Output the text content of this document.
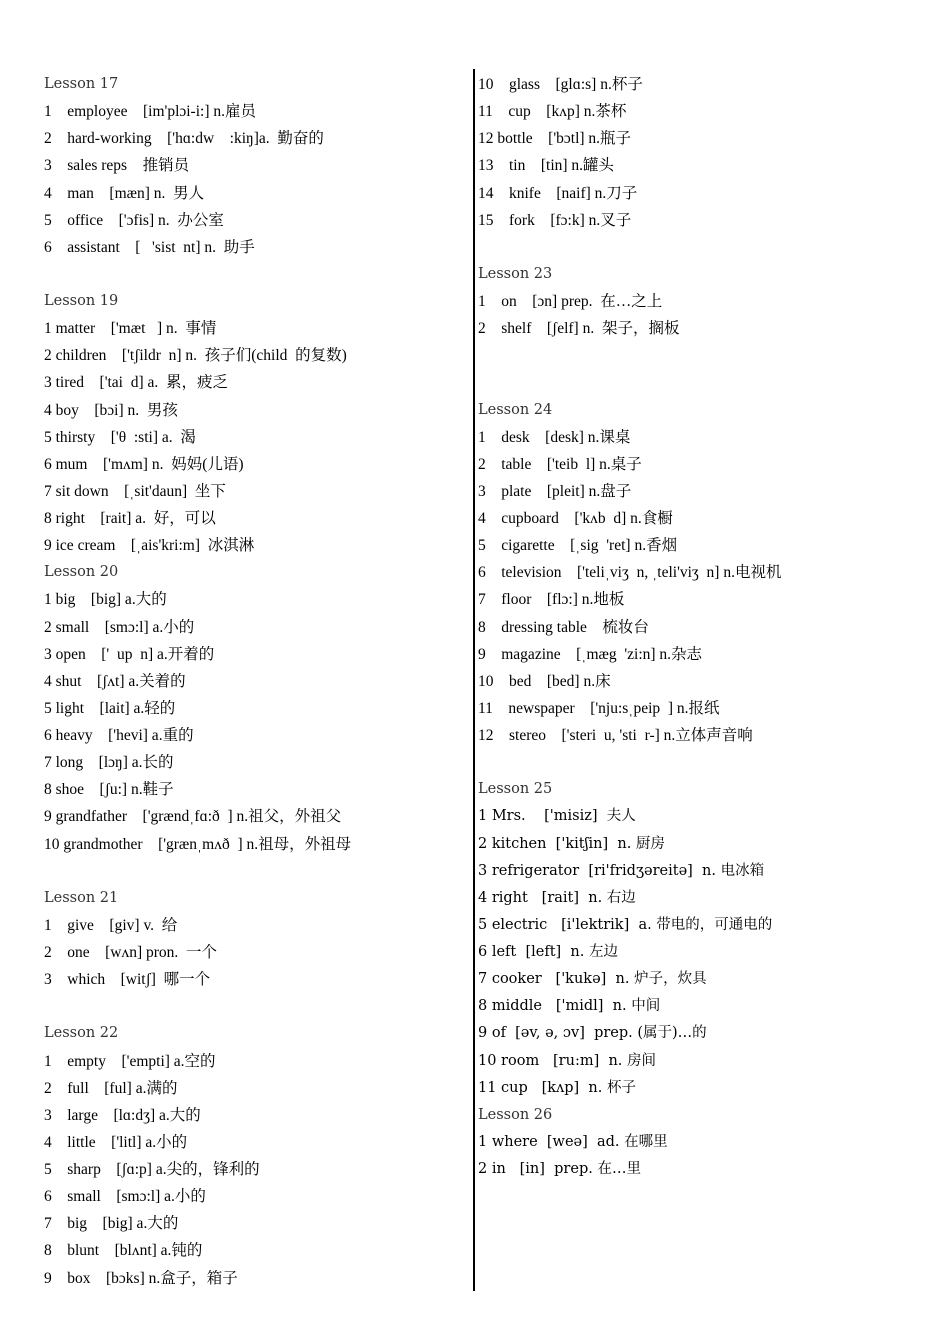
Lesson 17
1    employee    [im'plɔi-i:] n.雇员
2    hard-working    ['hɑ:dw    :kiŋ]a.  勤奋的
3    sales reps    推销员
4    man    [mæn] n.  男人
5    office    ['ɔfis] n.  办公室
6    assistant    [   'sist  nt] n.  助手
Lesson 19
1 matter    ['mæt   ] n.  事情
2 children    ['tʃildr  n] n.  孩子们(child  的复数)
3 tired    ['tai  d] a.  累，疲乏
4 boy    [bɔi] n.  男孩
5 thirsty    ['θ  :sti] a.  渴
6 mum    ['mʌm] n.  妈妈(儿语)
7 sit down    [ˌsit'daun]  坐下
8 right    [rait] a.  好，可以
9 ice cream    [ˌais'kri:m]  冰淇淋
Lesson 20
1 big    [big] a.大的
2 small    [smɔ:l] a.小的
3 open    ['  up  n] a.开着的
4 shut    [ʃʌt] a.关着的
5 light    [lait] a.轻的
6 heavy    ['hevi] a.重的
7 long    [lɔŋ] a.长的
8 shoe    [ʃu:] n.鞋子
9 grandfather    ['grændˌfɑ:ð  ] n.祖父，外祖父
10 grandmother    ['grænˌmʌð  ] n.祖母，外祖母
Lesson 21
1    give    [giv] v.  给
2    one    [wʌn] pron.  一个
3    which    [witʃ]  哪一个
Lesson 22
1    empty    ['empti] a.空的
2    full    [ful] a.满的
3    large    [lɑ:dʒ] a.大的
4    little    ['litl] a.小的
5    sharp    [ʃɑ:p] a.尖的，锋利的
6    small    [smɔ:l] a.小的
7    big    [big] a.大的
8    blunt    [blʌnt] a.钝的
9    box    [bɔks] n.盒子，箱子
10    glass    [glɑ:s] n.杯子
11    cup    [kʌp] n.茶杯
12 bottle    ['bɔtl] n.瓶子
13    tin    [tin] n.罐头
14    knife    [naif] n.刀子
15    fork    [fɔ:k] n.叉子
Lesson 23
1    on    [ɔn] prep.  在…之上
2    shelf    [ʃelf] n.  架子，搁板
Lesson 24
1    desk    [desk] n.课桌
2    table    ['teib  l] n.桌子
3    plate    [pleit] n.盘子
4    cupboard    ['kʌb  d] n.食橱
5    cigarette    [ˌsig  'ret] n.香烟
6    television    ['teliˌviʒ  n, ˌteli'viʒ  n] n.电视机
7    floor    [flɔ:] n.地板
8    dressing table    梳妆台
9    magazine    [ˌmæg  'zi:n] n.杂志
10    bed    [bed] n.床
11    newspaper    ['nju:sˌpeip  ] n.报纸
12    stereo    ['steri  u, 'sti  r-] n.立体声音响
Lesson 25
1 Mrs.    ['misiz]  夫人
2 kitchen  ['kitʃin]  n. 厨房
3 refrigerator  [ri'fridʒəreitə]  n. 电冰箱
4 right   [rait]  n. 右边
5 electric   [i'lektrik]  a. 带电的，可通电的
6 left  [left]  n. 左边
7 cooker   ['kukə]  n. 炉子，炊具
8 middle   ['midl]  n. 中间
9 of  [əv, ə, ɔv]  prep. (属于)…的
10 room   [ru:m]  n. 房间
11 cup   [kʌp]  n. 杯子
Lesson 26
1 where  [weə]  ad. 在哪里
2 in   [in]  prep. 在…里
